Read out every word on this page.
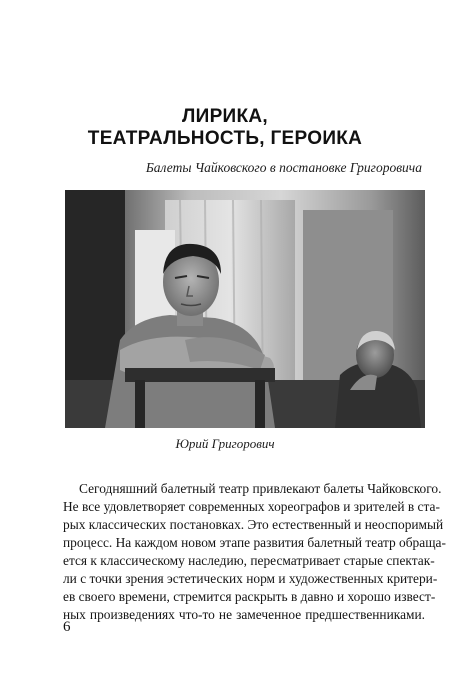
ЛИРИКА,
ТЕАТРАЛЬНОСТЬ, ГЕРОИКА
Балеты Чайковского в постановке Григоровича
Юрий Григорович
Сегодняшний балетный театр привлекают балеты Чайковского.
Не все удовлетворяет современных хореографов и зрителей в ста-
рых классических постановках. Это естественный и неоспоримый
процесс. На каждом новом этапе развития балетный театр обраща-
ется к классическому наследию, пересматривает старые спектак-
ли с точки зрения эстетических норм и художественных критери-
ев своего времени, стремится раскрыть в давно и хорошо извест-
ных произведениях что-то не замеченное предшественниками.
6
